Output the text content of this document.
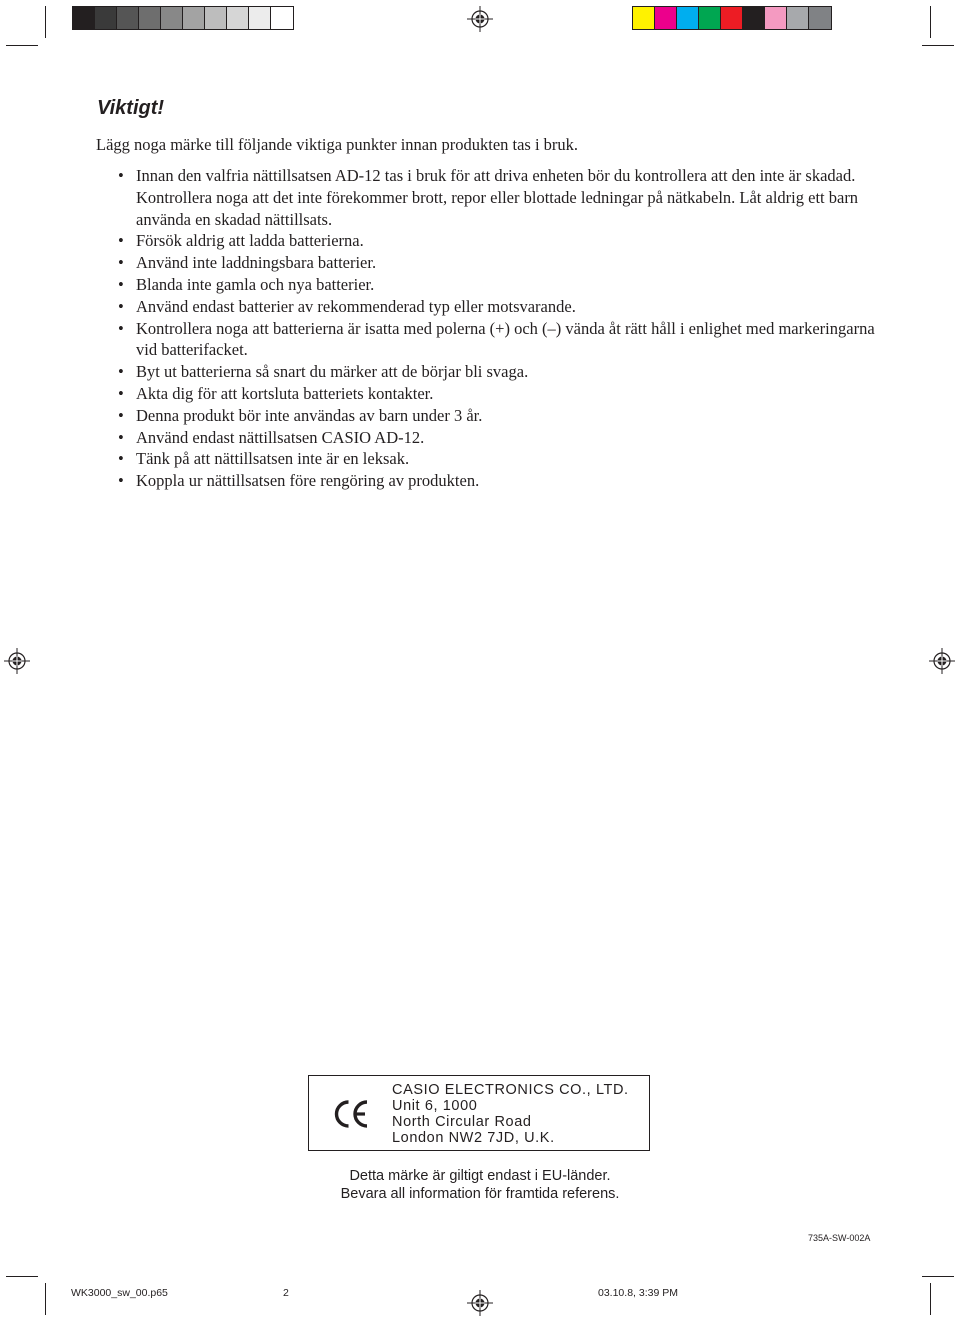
Viktigt!
Lägg noga märke till följande viktiga punkter innan produkten tas i bruk.
• Innan den valfria nättillsatsen AD-12 tas i bruk för att driva enheten bör du kontrollera att den inte är skadad. Kontrollera noga att det inte förekommer brott, repor eller blottade ledningar på nätkabeln. Låt aldrig ett barn använda en skadad nättillsats.
• Försök aldrig att ladda batterierna.
• Använd inte laddningsbara batterier.
• Blanda inte gamla och nya batterier.
• Använd endast batterier av rekommenderad typ eller motsvarande.
• Kontrollera noga att batterierna är isatta med polerna (+) och (–) vända åt rätt håll i enlighet med markeringarna vid batterifacket.
• Byt ut batterierna så snart du märker att de börjar bli svaga.
• Akta dig för att kortsluta batteriets kontakter.
• Denna produkt bör inte användas av barn under 3 år.
• Använd endast nättillsatsen CASIO AD-12.
• Tänk på att nättillsatsen inte är en leksak.
• Koppla ur nättillsatsen före rengöring av produkten.
CASIO ELECTRONICS CO., LTD.
Unit 6, 1000
North Circular Road
London NW2 7JD, U.K.
Detta märke är giltigt endast i EU-länder.
Bevara all information för framtida referens.
735A-SW-002A
WK3000_sw_00.p65	2	03.10.8, 3:39 PM
